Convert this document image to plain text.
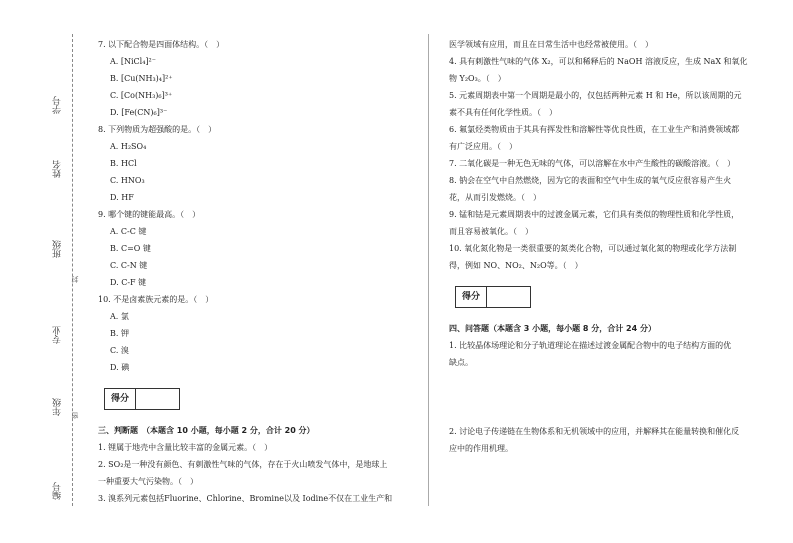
学号
姓名
班级
专业
年级
编号
封
密
7. 以下配合物是四面体结构。（　）
A. [NiCl₄]²⁻
B. [Cu(NH₃)₄]²⁺
C. [Co(NH₃)₆]³⁺
D. [Fe(CN)₆]³⁻
8. 下列物质为超强酸的是。（　）
A. H₂SO₄
B. HCl
C. HNO₃
D. HF
9. 哪个键的键能最高。（　）
A. C-C 键
B. C=O 键
C. C-N 键
D. C-F 键
10. 不是卤素族元素的是。（　）
A. 氯
B. 钾
C. 溴
D. 碘
得分
三、判断题　（本题含 10 小题，每小题 2 分，合计 20 分）
1. 锂属于地壳中含量比较丰富的金属元素。（　）
2. SO₂是一种没有颜色、有刺激性气味的气体，存在于火山喷发气体中，是地球上
一种重要大气污染物。（　）
3. 溴系列元素包括Fluorine、Chlorine、Bromine以及 Iodine不仅在工业生产和
医学领域有应用，而且在日常生活中也经常被使用。（　）
4. 具有刺激性气味的气体 X₂，可以和稀释后的 NaOH 溶液反应，生成 NaX 和氧化
物 Y₂O₃。（　）
5. 元素周期表中第一个周期是最小的，仅包括两种元素 H 和 He，所以该周期的元
素不具有任何化学性质。（　）
6. 氟氯烃类物质由于其具有挥发性和溶解性等优良性质，在工业生产和消费领域都
有广泛应用。（　）
7. 二氧化碳是一种无色无味的气体，可以溶解在水中产生酸性的碳酸溶液。（　）
8. 钠会在空气中自然燃烧，因为它的表面和空气中生成的氧气反应很容易产生火
花，从而引发燃烧。（　）
9. 锰和钴是元素周期表中的过渡金属元素，它们具有类似的物理性质和化学性质，
而且容易被氧化。（　）
10. 氧化氮化物是一类很重要的氮类化合物，可以通过氧化氮的物理或化学方法制
得，例如 NO、NO₂、N₂O等。（　）
得分
四、问答题（本题含 3 小题，每小题 8 分，合计 24 分）
1. 比较晶体场理论和分子轨道理论在描述过渡金属配合物中的电子结构方面的优
缺点。
2. 讨论电子传递链在生物体系和无机领域中的应用，并解释其在能量转换和催化反
应中的作用机理。
